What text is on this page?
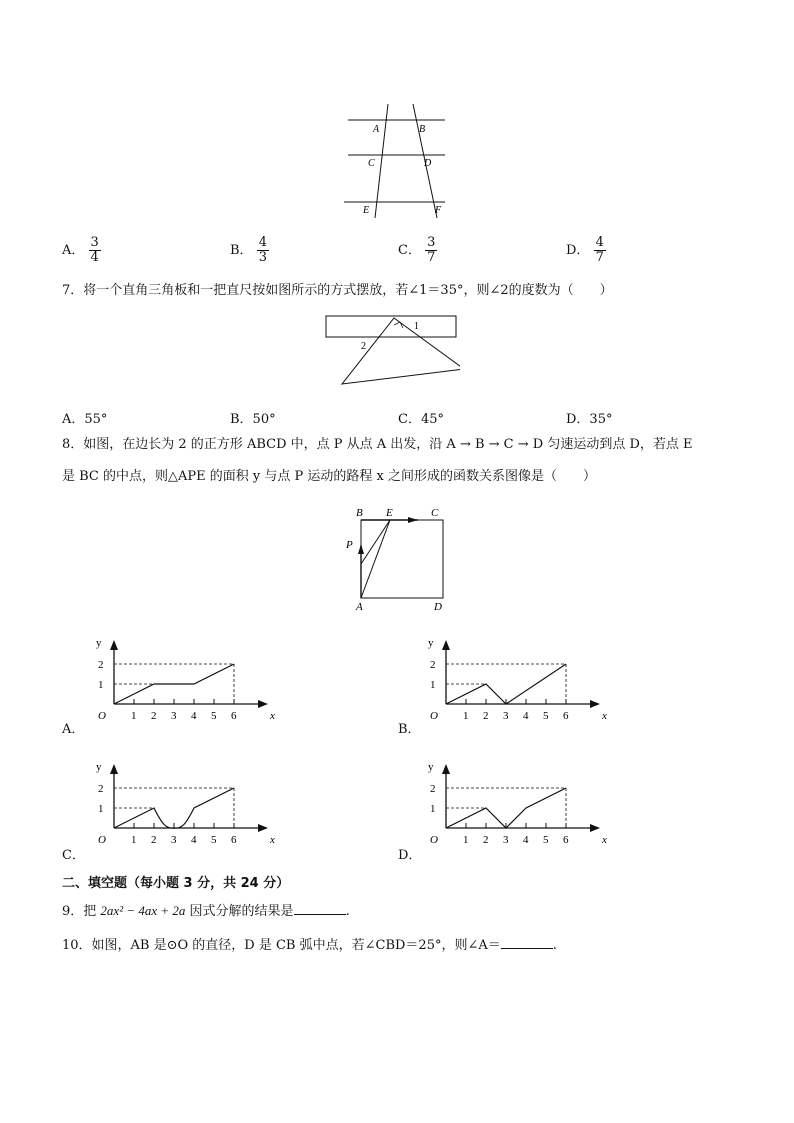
A	B
C	D
E	F
A． $\frac{3}{4}$	B． $\frac{4}{3}$	C． $\frac{3}{7}$	D． $\frac{4}{7}$
7．将一个直角三角板和一把直尺按如图所示的方式摆放，若∠1＝35°，则∠2的度数为（　　）
1
2
A．55°	B．50°	C．45°	D．35°
8．如图，在边长为 2 的正方形 ABCD 中，点 P 从点 A 出发，沿 A → B → C → D 匀速运动到点 D，若点 E
是 BC 的中点，则△APE 的面积 y 与点 P 运动的路程 x 之间形成的函数关系图像是（　　）
B E	C
P
A	D
1 2 3 4 5 6
1
2
y
x
O	1 2 3 4 5 6
1
2
y
x
O
1 2 3 4 5 6
1
2
y
x
O	1 2 3 4 5 6
1
2
y
x
O
A．	B．
C．	D．
二、填空题（每小题 3 分，共 24 分）
9．把 2ax² − 4ax + 2a 因式分解的结果是	.
10．如图，AB 是⊙O 的直径，D 是 CB 弧中点，若∠CBD＝25°，则∠A＝	.
